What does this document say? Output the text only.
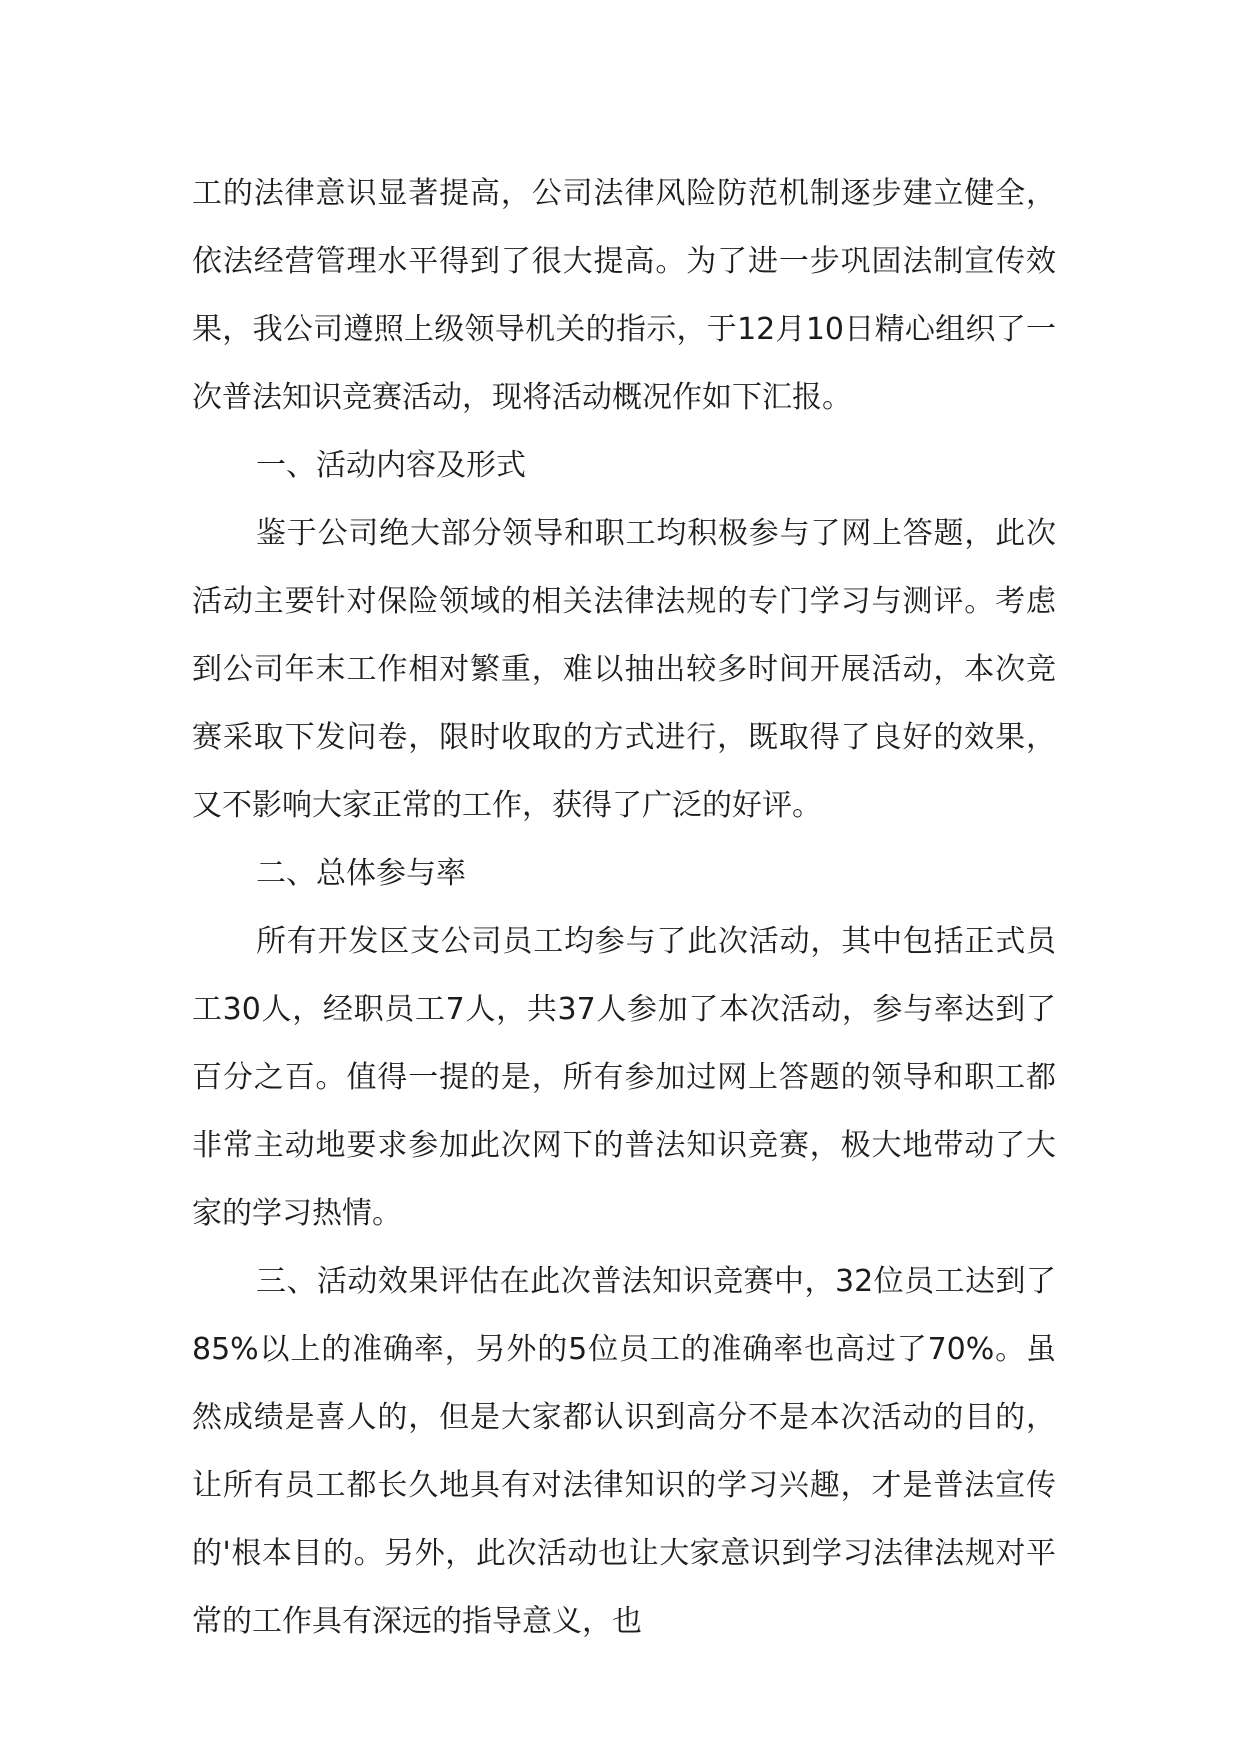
工的法律意识显著提高，公司法律风险防范机制逐步建立健全，依法经营管理水平得到了很大提高。为了进一步巩固法制宣传效果，我公司遵照上级领导机关的指示，于12月10日精心组织了一次普法知识竞赛活动，现将活动概况作如下汇报。

一、活动内容及形式

鉴于公司绝大部分领导和职工均积极参与了网上答题，此次活动主要针对保险领域的相关法律法规的专门学习与测评。考虑到公司年末工作相对繁重，难以抽出较多时间开展活动，本次竞赛采取下发问卷，限时收取的方式进行，既取得了良好的效果，又不影响大家正常的工作，获得了广泛的好评。

二、总体参与率

所有开发区支公司员工均参与了此次活动，其中包括正式员工30人，经职员工7人，共37人参加了本次活动，参与率达到了百分之百。值得一提的是，所有参加过网上答题的领导和职工都非常主动地要求参加此次网下的普法知识竞赛，极大地带动了大家的学习热情。

三、活动效果评估在此次普法知识竞赛中，32位员工达到了85%以上的准确率，另外的5位员工的准确率也高过了70%。虽然成绩是喜人的，但是大家都认识到高分不是本次活动的目的，让所有员工都长久地具有对法律知识的学习兴趣，才是普法宣传的'根本目的。另外，此次活动也让大家意识到学习法律法规对平常的工作具有深远的指导意义，也
